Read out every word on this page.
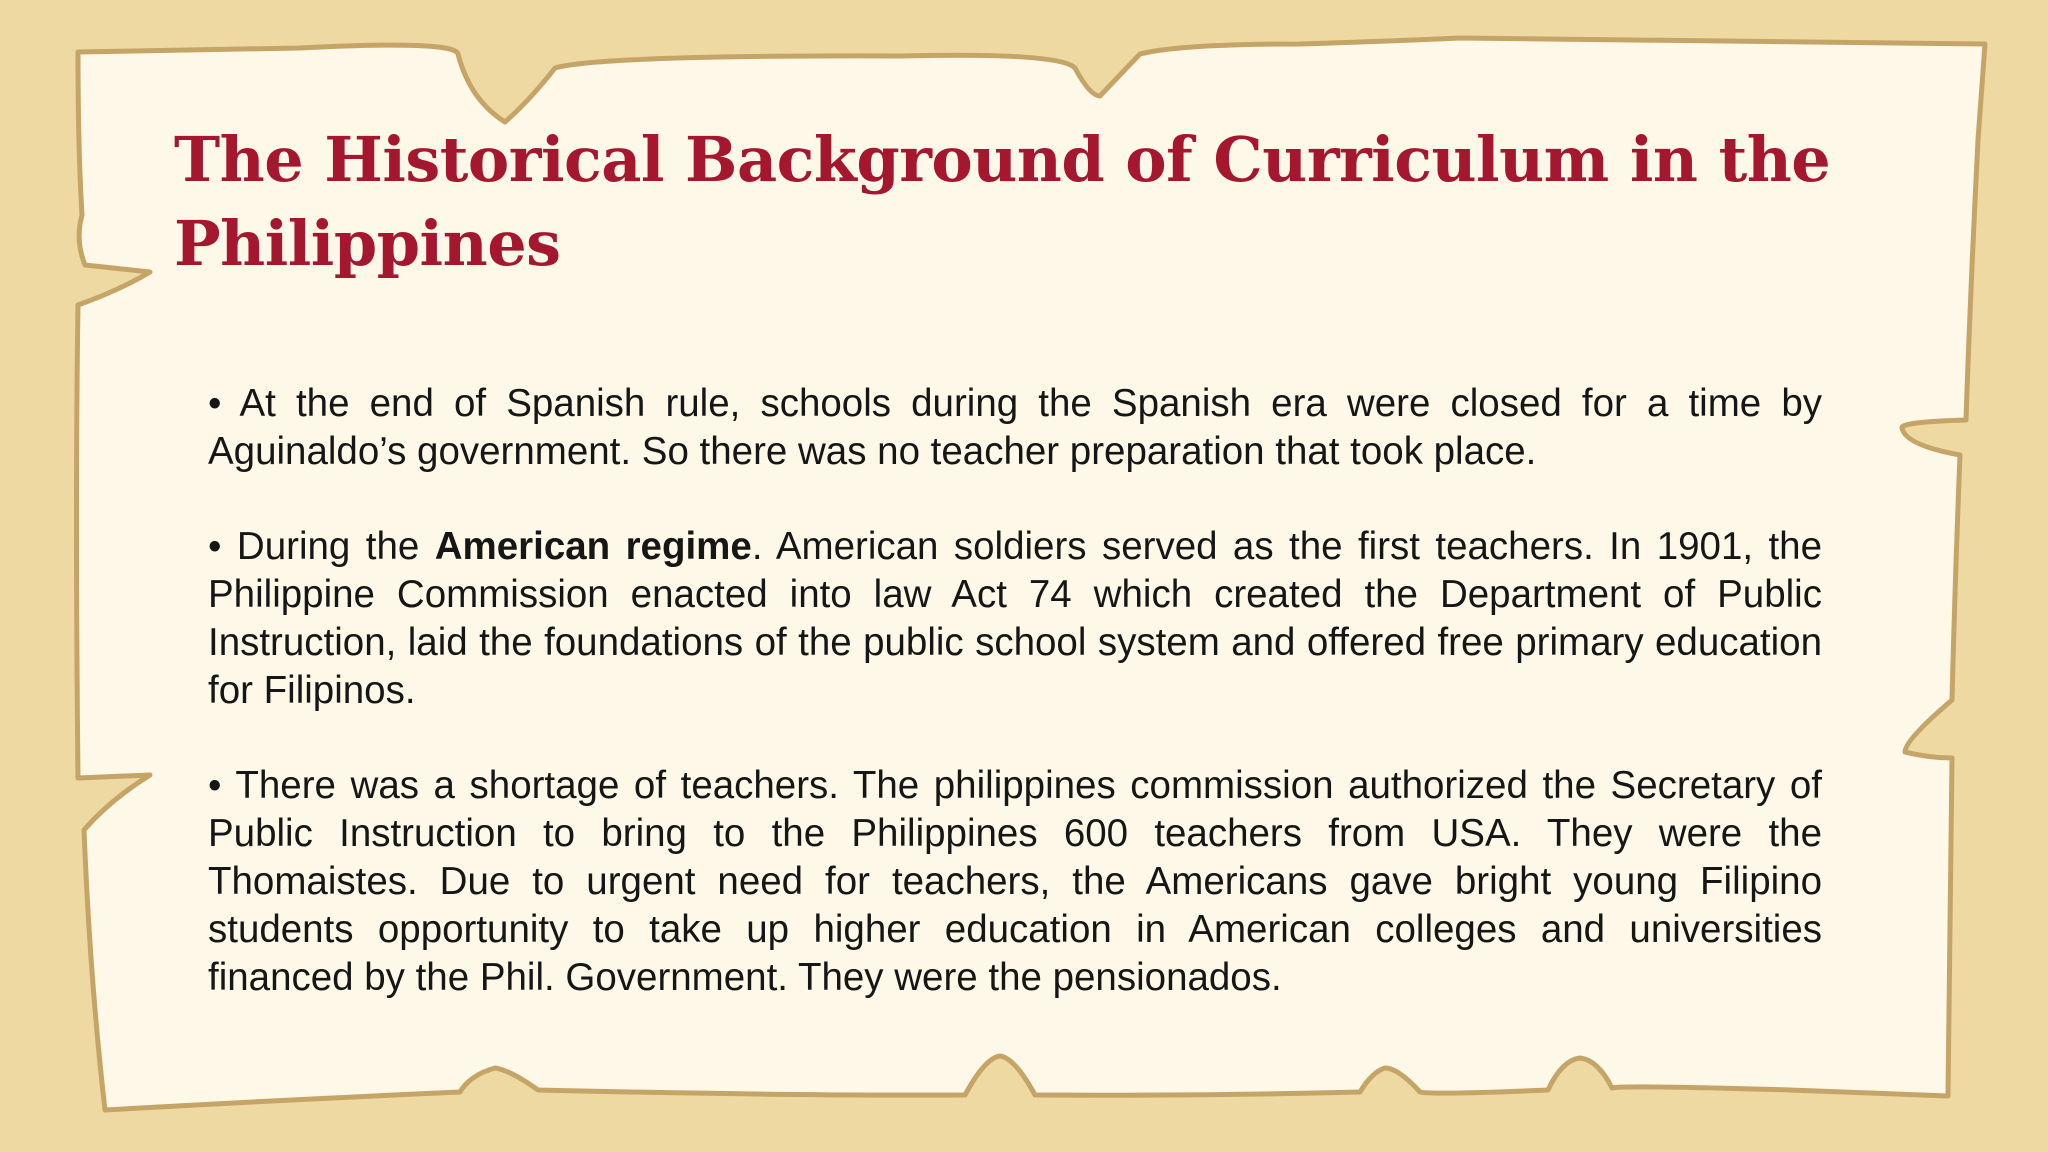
The Historical Background of Curriculum in the Philippines

• At the end of Spanish rule, schools during the Spanish era were closed for a time by Aguinaldo’s government. So there was no teacher preparation that took place.

• During the American regime. American soldiers served as the first teachers. In 1901, the Philippine Commission enacted into law Act 74 which created the Department of Public Instruction, laid the foundations of the public school system and offered free primary education for Filipinos.

• There was a shortage of teachers. The philippines commission authorized the Secretary of Public Instruction to bring to the Philippines 600 teachers from USA. They were the Thomaistes. Due to urgent need for teachers, the Americans gave bright young Filipino students opportunity to take up higher education in American colleges and universities financed by the Phil. Government. They were the pensionados.
